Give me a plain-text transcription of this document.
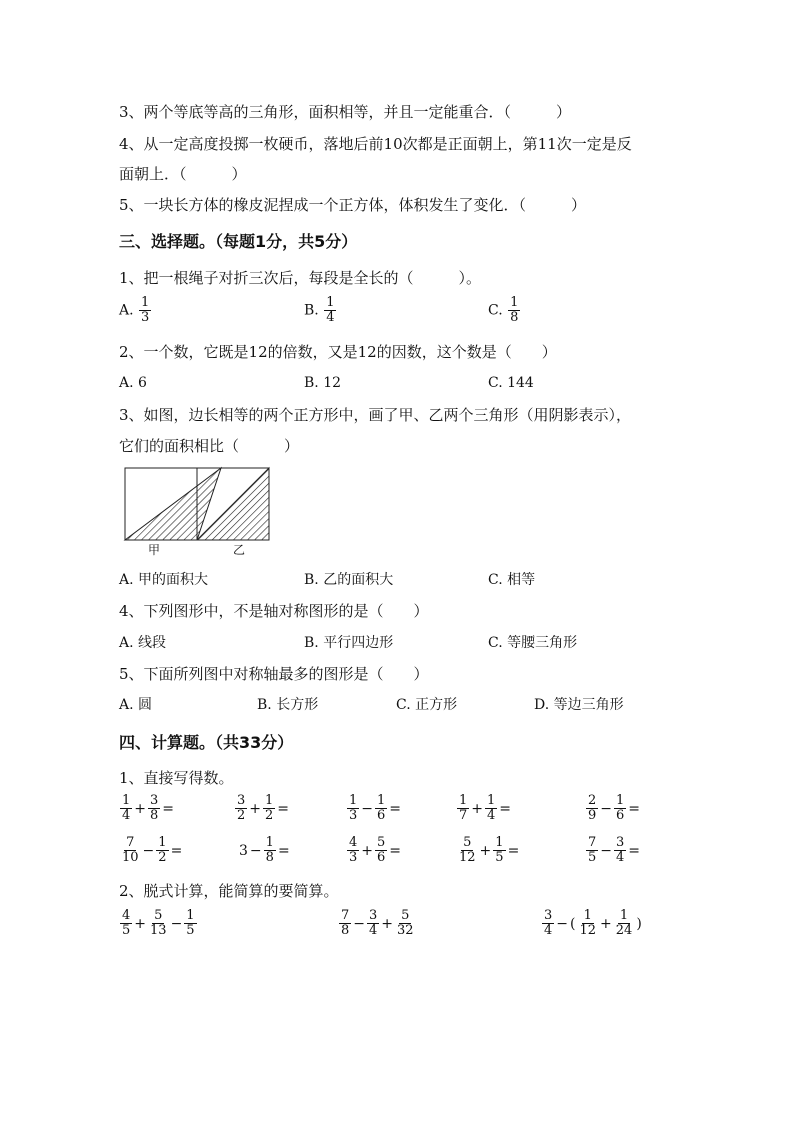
3、两个等底等高的三角形，面积相等，并且一定能重合．（　　　）
4、从一定高度投掷一枚硬币，落地后前10次都是正面朝上，第11次一定是反
面朝上．（　　　）
5、一块长方体的橡皮泥捏成一个正方体，体积发生了变化．（　　　）
三、选择题。（每题1分，共5分）
1、把一根绳子对折三次后，每段是全长的（　　　）。
A. $\frac{1}{3}$	B. $\frac{1}{4}$	C. $\frac{1}{8}$
2、一个数，它既是12的倍数，又是12的因数，这个数是（　　）
A. 6	B. 12	C. 144
3、如图，边长相等的两个正方形中，画了甲、乙两个三角形（用阴影表示），
它们的面积相比（　　　）
甲	乙
A. 甲的面积大	B. 乙的面积大	C. 相等
4、下列图形中，不是轴对称图形的是（　　）
A. 线段	B. 平行四边形	C. 等腰三角形
5、下面所列图中对称轴最多的图形是（　　）
A. 圆	B. 长方形	C. 正方形	D. 等边三角形
四、计算题。（共33分）
1、直接写得数。
$\frac{1}{4} + \frac{3}{8}$ =	$\frac{3}{2} + \frac{1}{2}$ =	$\frac{1}{3} - \frac{1}{6}$ =	$\frac{1}{7} + \frac{1}{4}$ =	$\frac{2}{9} - \frac{1}{6}$ =
$\frac{7}{10} - \frac{1}{2}$ =	$3 - \frac{1}{8}$ =	$\frac{4}{3} + \frac{5}{6}$ =	$\frac{5}{12} + \frac{1}{5}$ =	$\frac{7}{5} - \frac{3}{4}$ =
2、脱式计算，能简算的要简算。
$\frac{4}{5} + \frac{5}{13} - \frac{1}{5}$	$\frac{7}{8} - \frac{3}{4} + \frac{5}{32}$	$\frac{3}{4}$ − ( $\frac{1}{12} + \frac{1}{24}$ )
